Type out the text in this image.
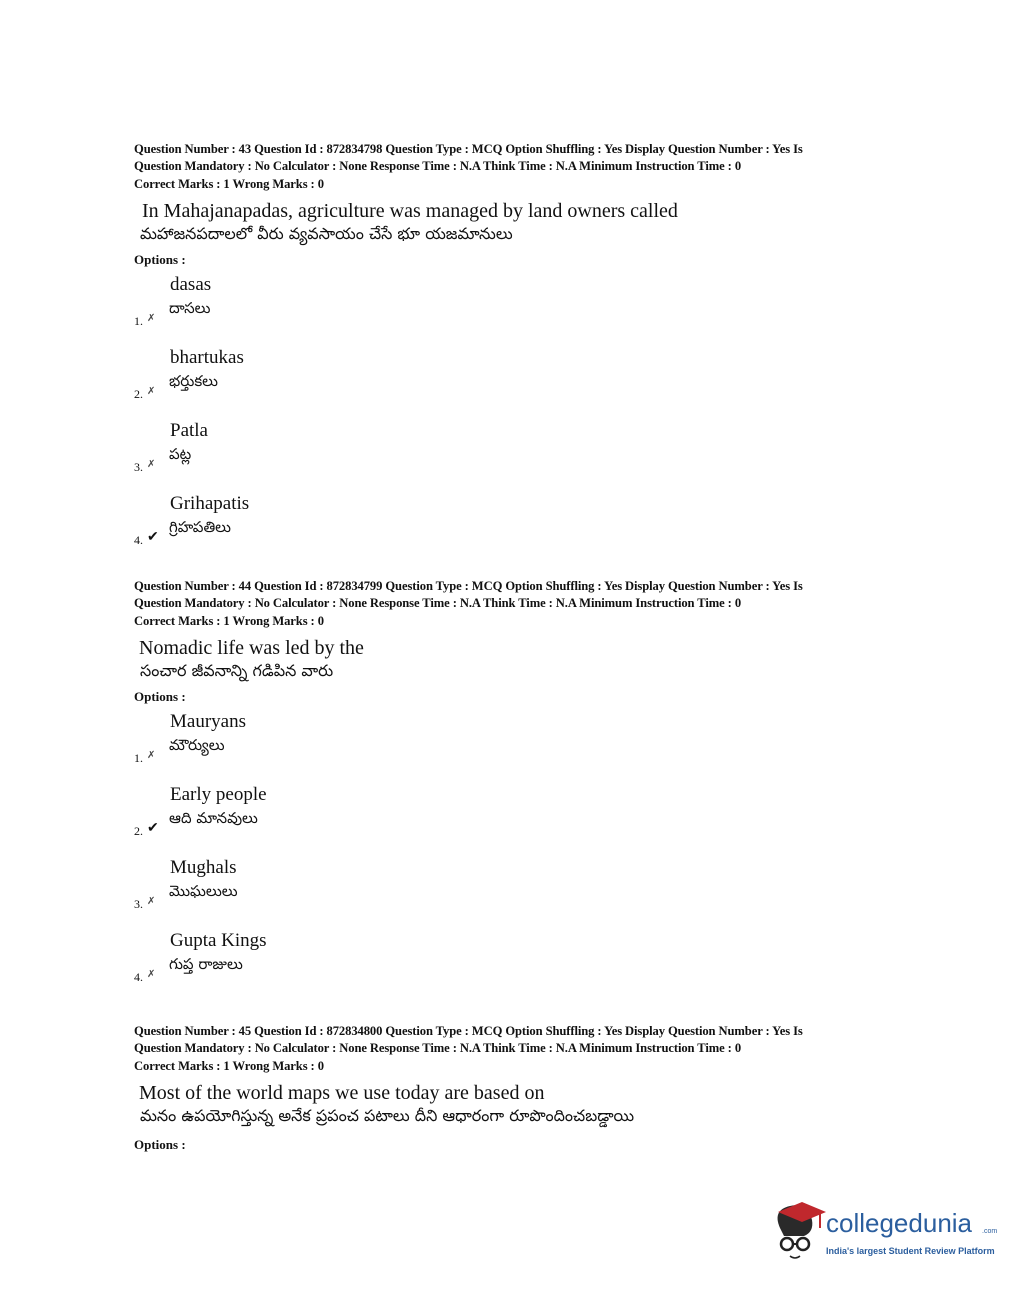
Question Number : 43 Question Id : 872834798 Question Type : MCQ Option Shuffling : Yes Display Question Number : Yes Is
Question Mandatory : No Calculator : None Response Time : N.A Think Time : N.A Minimum Instruction Time : 0
Correct Marks : 1 Wrong Marks : 0
In Mahajanapadas, agriculture was managed by land owners called
మహాజనపదాలలో వీరు వ్యవసాయం చేసే భూ యజమానులు
Options :
dasas
దాసలు
1. ✗
bhartukas
భర్తుకలు
2. ✗
Patla
పట్ల
3. ✗
Grihapatis
గ్రిహపతిలు
4. ✔
Question Number : 44 Question Id : 872834799 Question Type : MCQ Option Shuffling : Yes Display Question Number : Yes Is
Question Mandatory : No Calculator : None Response Time : N.A Think Time : N.A Minimum Instruction Time : 0
Correct Marks : 1 Wrong Marks : 0
Nomadic life was led by the
సంచార జీవనాన్ని గడిపిన వారు
Options :
Mauryans
మౌర్యులు
1. ✗
Early people
ఆది మానవులు
2. ✔
Mughals
మొఘలులు
3. ✗
Gupta Kings
గుప్త రాజులు
4. ✗
Question Number : 45 Question Id : 872834800 Question Type : MCQ Option Shuffling : Yes Display Question Number : Yes Is
Question Mandatory : No Calculator : None Response Time : N.A Think Time : N.A Minimum Instruction Time : 0
Correct Marks : 1 Wrong Marks : 0
Most of the world maps we use today are based on
మనం ఉపయోగిస్తున్న అనేక ప్రపంచ పటాలు దీని ఆధారంగా రూపొందించబడ్డాయి
Options :
collegedunia .com
India's largest Student Review Platform
